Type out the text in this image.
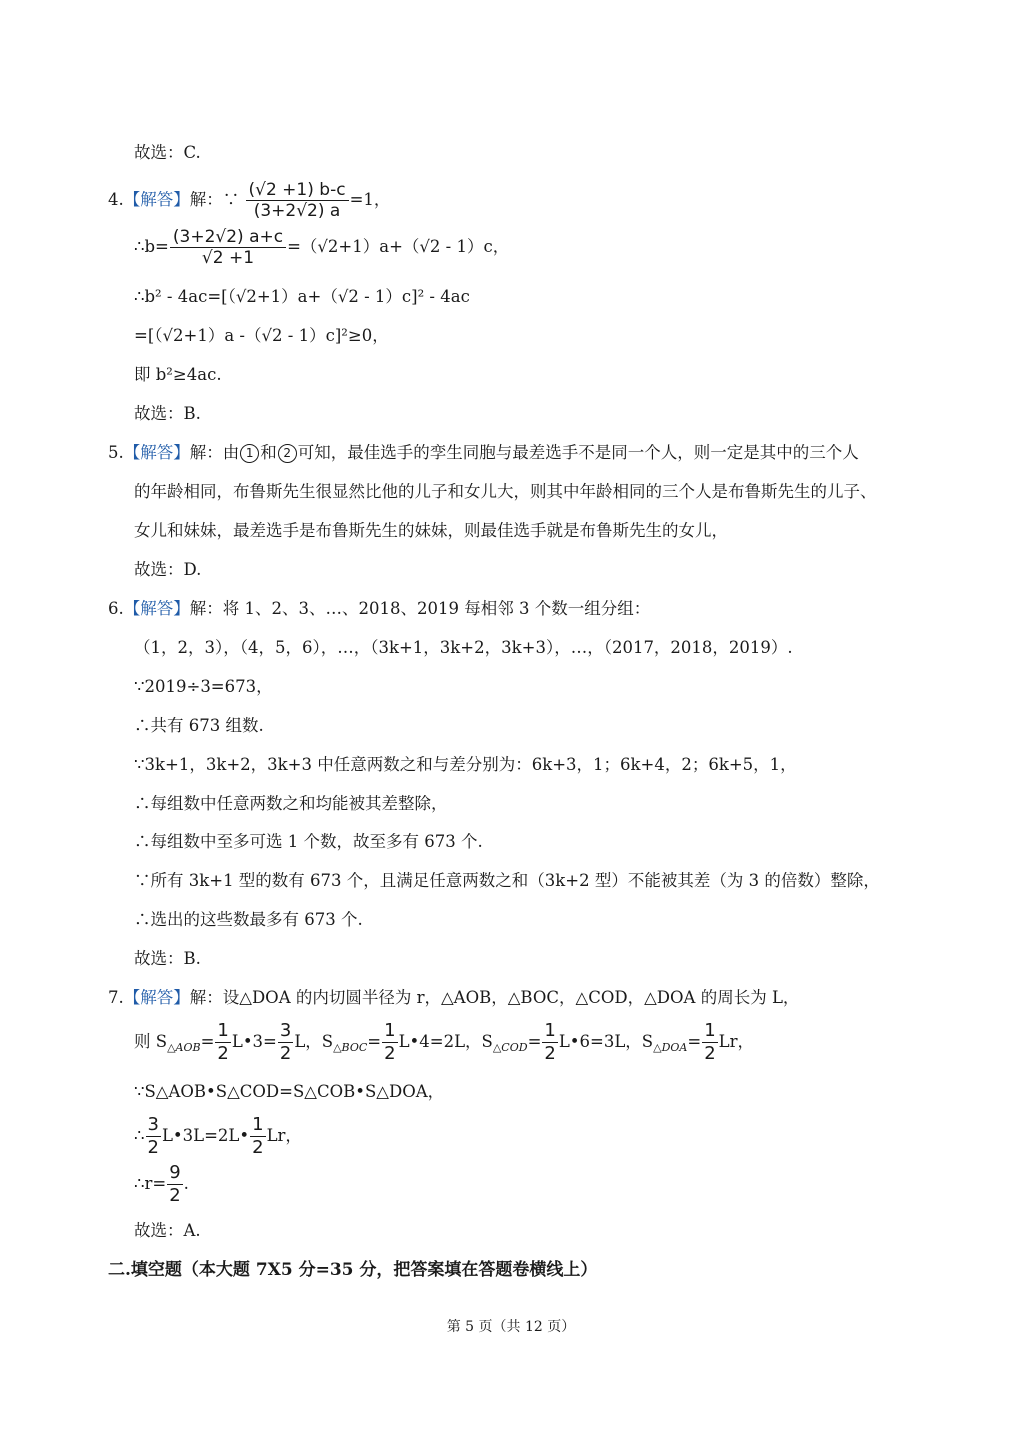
故选：C.
4.【解答】解：∵ $\frac{(√2 +1) b-c}{(3+2√2) a} =1$，
∴b= $\frac{(3+2√2) a+c}{√2 +1} =(√2+1)a+(√2 - 1)c$，
∴b² - 4ac=[（√2+1）a+（√2 - 1）c]² - 4ac
=[（√2+1）a -（√2 - 1）c]²≥0，
即 b²≥4ac.
故选：B.
5.【解答】解：由 1 和 2 可知，最佳选手的孪生同胞与最差选手不是同一个人，则一定是其中的三个人
的年龄相同，布鲁斯先生很显然比他的儿子和女儿大，则其中年龄相同的三个人是布鲁斯先生的儿子、
女儿和妹妹，最差选手是布鲁斯先生的妹妹，则最佳选手就是布鲁斯先生的女儿，
故选：D.
6.【解答】解：将 1、2、3、…、2018、2019 每相邻 3 个数一组分组：
（1，2，3），（4，5，6），…，（3k+1，3k+2，3k+3），…，（2017，2018，2019）.
∵2019÷3=673，
∴共有 673 组数.
∵3k+1，3k+2，3k+3 中任意两数之和与差分别为：6k+3，1；6k+4，2；6k+5，1，
∴每组数中任意两数之和均能被其差整除，
∴每组数中至多可选 1 个数，故至多有 673 个.
∵所有 3k+1 型的数有 673 个，且满足任意两数之和（3k+2 型）不能被其差（为 3 的倍数）整除，
∴选出的这些数最多有 673 个.
故选：B.
7.【解答】解：设△DOA 的内切圆半径为 r，△AOB，△BOC，△COD，△DOA 的周长为 L，
则 $S_{\triangle AOB}= \frac{1}{2}$ L•3= $\frac{3}{2}$ L，$S_{\triangle BOC}= \frac{1}{2}$ L•4=2L，$S_{\triangle COD}= \frac{1}{2}$ L•6=3L，$S_{\triangle DOA}= \frac{1}{2}$ Lr，
∵S△AOB•S△COD=S△COB•S△DOA，
∴ $\frac{3}{2}$ L•3L=2L• $\frac{1}{2}$ Lr，
∴r= $\frac{9}{2}$ .
故选：A.
二.填空题（本大题 7X5 分=35 分，把答案填在答题卷横线上）
第 5 页（共 12 页）
